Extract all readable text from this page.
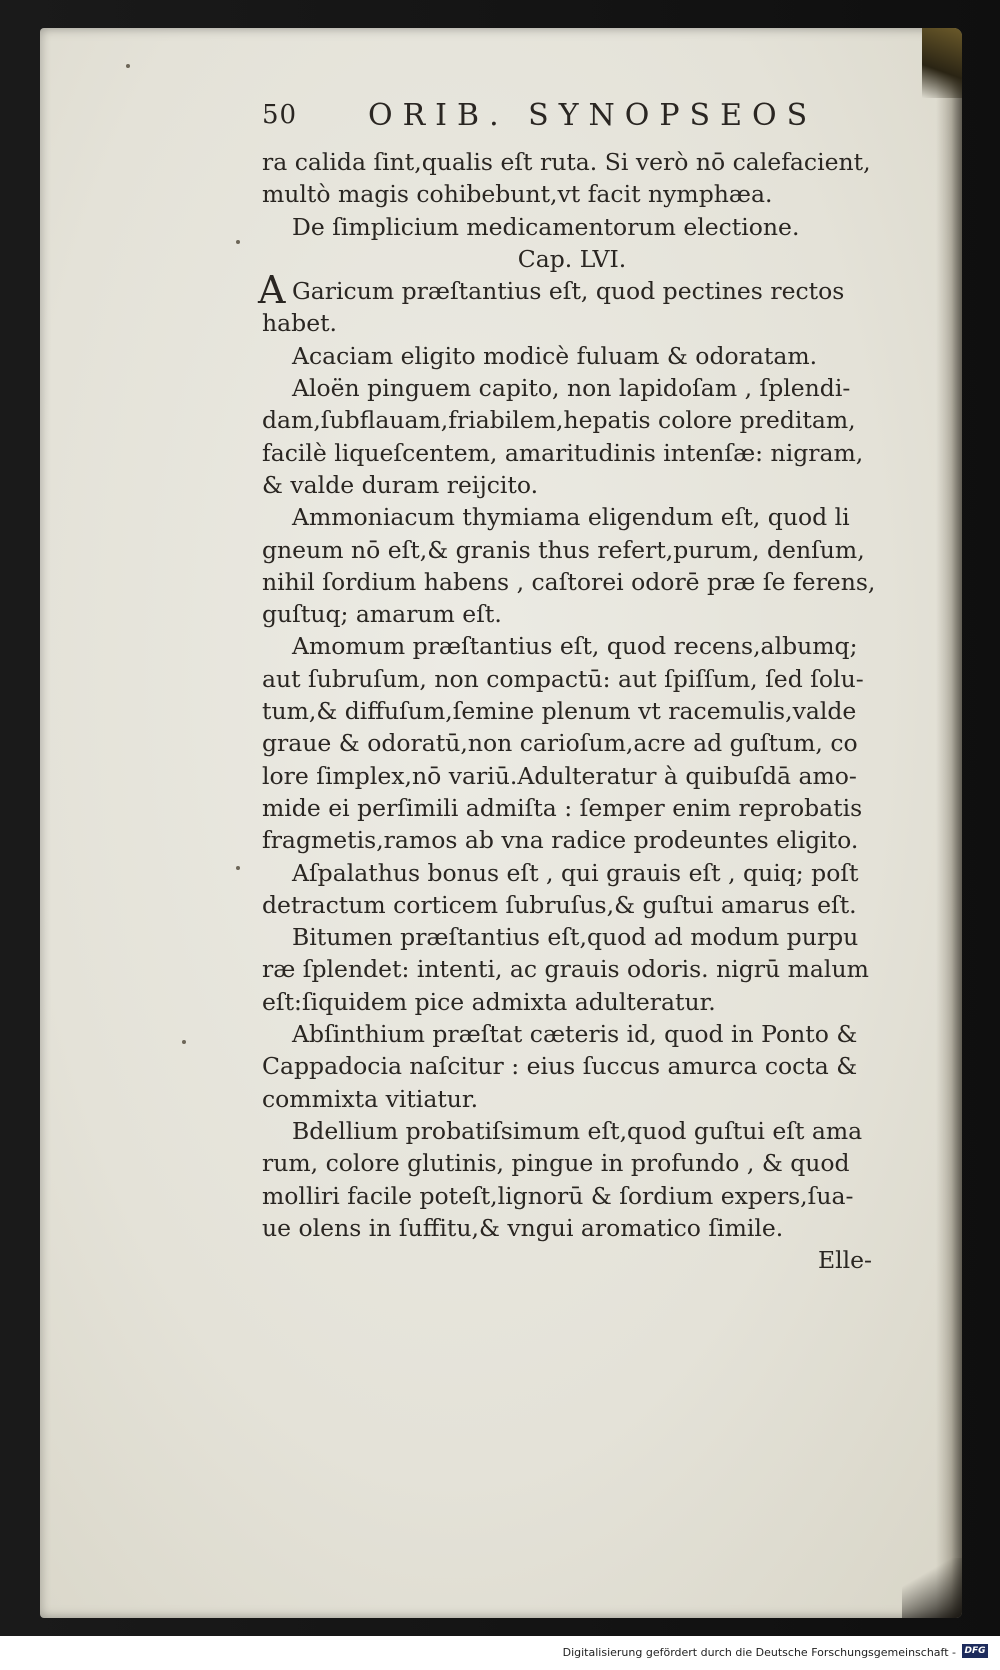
50 ORIB. SYNOPSEOS
ra calida ſint,qualis eſt ruta. Si verò nō calefacient,
multò magis cohibebunt,vt facit nymphæa.
De ſimplicium medicamentorum electione.
Cap. LVI.
A Garicum præſtantius eſt, quod pectines rectos
habet.
Acaciam eligito modicè fuluam & odoratam.
Aloën pinguem capito, non lapidoſam , ſplendi-
dam,ſubflauam,friabilem,hepatis colore preditam,
facilè liqueſcentem, amaritudinis intenſæ: nigram,
& valde duram reijcito.
Ammoniacum thymiama eligendum eſt, quod li
gneum nō eſt,& granis thus refert,purum, denſum,
nihil ſordium habens , caſtorei odorē præ ſe ferens,
guſtuq; amarum eſt.
Amomum præſtantius eſt, quod recens,albumq;
aut ſubruſum, non compactū: aut ſpiſſum, ſed ſolu-
tum,& diffuſum,ſemine plenum vt racemulis,valde
graue & odoratū,non carioſum,acre ad guſtum, co
lore ſimplex,nō variū.Adulteratur à quibuſdā amo-
mide ei perſimili admiſta : ſemper enim reprobatis
fragmetis,ramos ab vna radice prodeuntes eligito.
Aſpalathus bonus eſt , qui grauis eſt , quiq; poſt
detractum corticem ſubruſus,& guſtui amarus eſt.
Bitumen præſtantius eſt,quod ad modum purpu
ræ ſplendet: intenti, ac grauis odoris. nigrū malum
eſt:ſiquidem pice admixta adulteratur.
Abſinthium præſtat cæteris id, quod in Ponto &
Cappadocia naſcitur : eius ſuccus amurca cocta &
commixta vitiatur.
Bdellium probatiſsimum eſt,quod guſtui eſt ama
rum, colore glutinis, pingue in profundo , & quod
molliri facile poteſt,lignorū & ſordium expers,ſua-
ue olens in ſuffitu,& vngui aromatico ſimile.
Elle-
Digitalisierung gefördert durch die Deutsche Forschungsgemeinschaft - DFG
